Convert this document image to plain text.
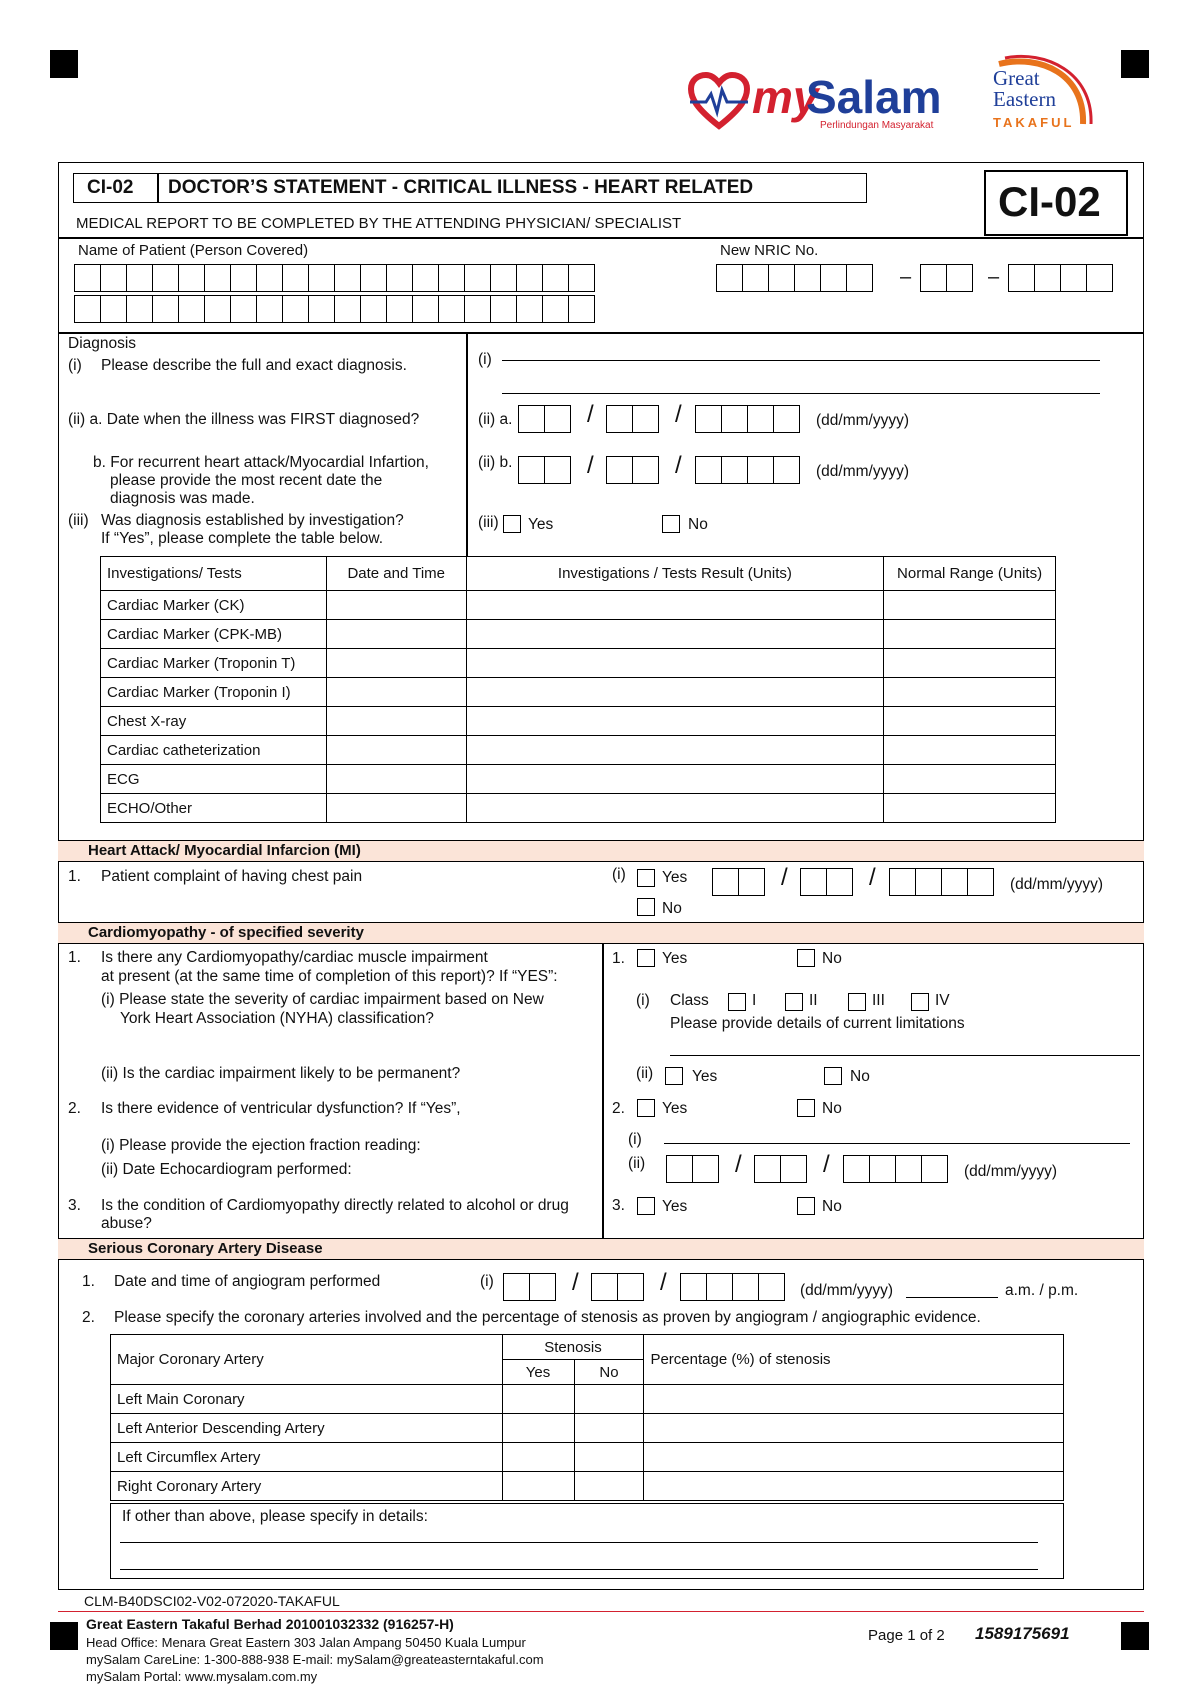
my
Salam
Perlindungan Masyarakat
Great
Eastern
TAKAFUL
CI-02 DOCTOR’S STATEMENT - CRITICAL ILLNESS - HEART RELATED	CI-02
MEDICAL REPORT TO BE COMPLETED BY THE ATTENDING PHYSICIAN/ SPECIALIST
Name of Patient (Person Covered)	New NRIC No.
–	–
Diagnosis
(i) Please describe the full and exact diagnosis.	(i)
(ii) a. Date when the illness was FIRST diagnosed?	(ii) a.	/	/	(dd/mm/yyyy)
b. For recurrent heart attack/Myocardial Infartion,
please provide the most recent date the
diagnosis was made.
(ii) b.	/	/	(dd/mm/yyyy)
(iii) Was diagnosis established by investigation?
If “Yes”, please complete the table below.
(iii) Yes	No
Investigations/ Tests	Date and Time	Investigations / Tests Result (Units)	Normal Range (Units)
Cardiac Marker (CK)			
Cardiac Marker (CPK-MB)			
Cardiac Marker (Troponin T)			
Cardiac Marker (Troponin I)			
Chest X-ray			
Cardiac catheterization			
ECG			
ECHO/Other			
Heart Attack/ Myocardial Infarcion (MI)
1. Patient complaint of having chest pain	(i) Yes
No
/	/	(dd/mm/yyyy)
Cardiomyopathy - of specified severity
1. Is there any Cardiomyopathy/cardiac muscle impairment
at present (at the same time of completion of this report)? If “YES”:
(i) Please state the severity of cardiac impairment based on New
York Heart Association (NYHA) classification?
(ii) Is the cardiac impairment likely to be permanent?
2. Is there evidence of ventricular dysfunction? If “Yes”,
(i) Please provide the ejection fraction reading:
(ii) Date Echocardiogram performed:
3. Is the condition of Cardiomyopathy directly related to alcohol or drug
abuse?
1. Yes	No
(i) Class	I	II	III	IV
Please provide details of current limitations
(ii)	Yes	No
2. Yes	No
(i)
(ii)	/	/	(dd/mm/yyyy)
3. Yes	No
Serious Coronary Artery Disease
1. Date and time of angiogram performed	(i)	/	/	(dd/mm/yyyy)	a.m. / p.m.
2. Please specify the coronary arteries involved and the percentage of stenosis as proven by angiogram / angiographic evidence.
Major Coronary Artery	Stenosis		Percentage (%) of stenosis
	Yes	No	
Left Main Coronary			
Left Anterior Descending Artery			
Left Circumflex Artery			
Right Coronary Artery			
If other than above, please specify in details:
CLM-B40DSCI02-V02-072020-TAKAFUL
Great Eastern Takaful Berhad 201001032332 (916257-H)
Head Office: Menara Great Eastern 303 Jalan Ampang 50450 Kuala Lumpur
mySalam CareLine: 1-300-888-938 E-mail: mySalam@greateasterntakaful.com
mySalam Portal: www.mysalam.com.my
Page 1 of 2 1589175691
